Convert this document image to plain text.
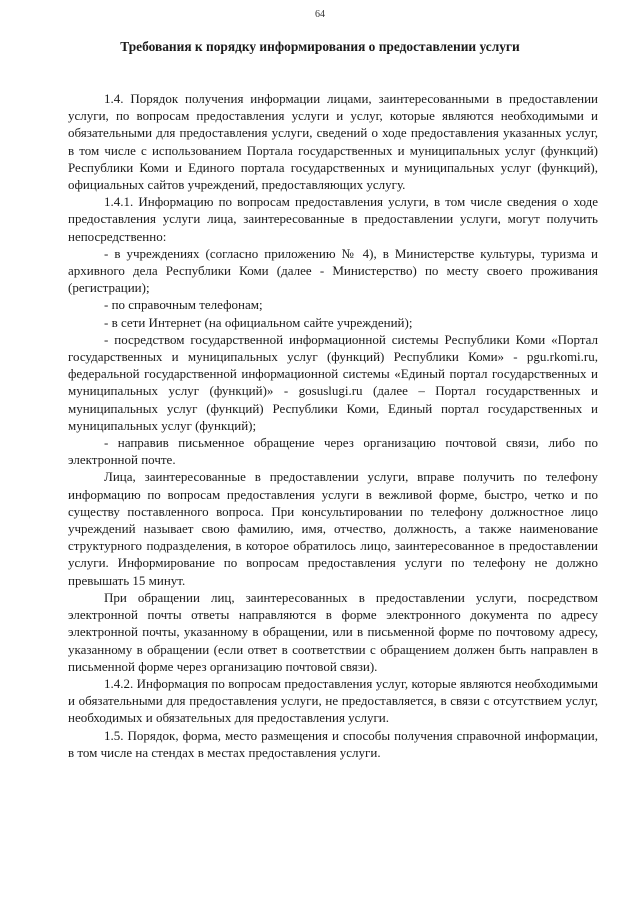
64
Требования к порядку информирования о предоставлении услуги

1.4. Порядок получения информации лицами, заинтересованными в предоставлении услуги, по вопросам предоставления услуги и услуг, которые являются необходимыми и обязательными для предоставления услуги, сведений о ходе предоставления указанных услуг, в том числе с использованием Портала государственных и муниципальных услуг (функций) Республики Коми и Единого портала государственных и муниципальных услуг (функций), официальных сайтов учреждений, предоставляющих услугу.

1.4.1. Информацию по вопросам предоставления услуги, в том числе сведения о ходе предоставления услуги лица, заинтересованные в предоставлении услуги, могут получить непосредственно:

- в учреждениях (согласно приложению № 4), в Министерстве культуры, туризма и архивного дела Республики Коми (далее - Министерство) по месту своего проживания (регистрации);

- по справочным телефонам;

- в сети Интернет (на официальном сайте учреждений);

- посредством государственной информационной системы Республики Коми «Портал государственных и муниципальных услуг (функций) Республики Коми» - pgu.rkomi.ru, федеральной государственной информационной системы «Единый портал государственных и муниципальных услуг (функций)» - gosuslugi.ru (далее – Портал государственных и муниципальных услуг (функций) Республики Коми, Единый портал государственных и муниципальных услуг (функций);

- направив письменное обращение через организацию почтовой связи, либо по электронной почте.

Лица, заинтересованные в предоставлении услуги, вправе получить по телефону информацию по вопросам предоставления услуги в вежливой форме, быстро, четко и по существу поставленного вопроса. При консультировании по телефону должностное лицо учреждений называет свою фамилию, имя, отчество, должность, а также наименование структурного подразделения, в которое обратилось лицо, заинтересованное в предоставлении услуги. Информирование по вопросам предоставления услуги по телефону не должно превышать 15 минут.

При обращении лиц, заинтересованных в предоставлении услуги, посредством электронной почты ответы направляются в форме электронного документа по адресу электронной почты, указанному в обращении, или в письменной форме по почтовому адресу, указанному в обращении (если ответ в соответствии с обращением должен быть направлен в письменной форме через организацию почтовой связи).

1.4.2. Информация по вопросам предоставления услуг, которые являются необходимыми и обязательными для предоставления услуги, не предоставляется, в связи с отсутствием услуг, необходимых и обязательных для предоставления услуги.

1.5. Порядок, форма, место размещения и способы получения справочной информации, в том числе на стендах в местах предоставления услуги.
